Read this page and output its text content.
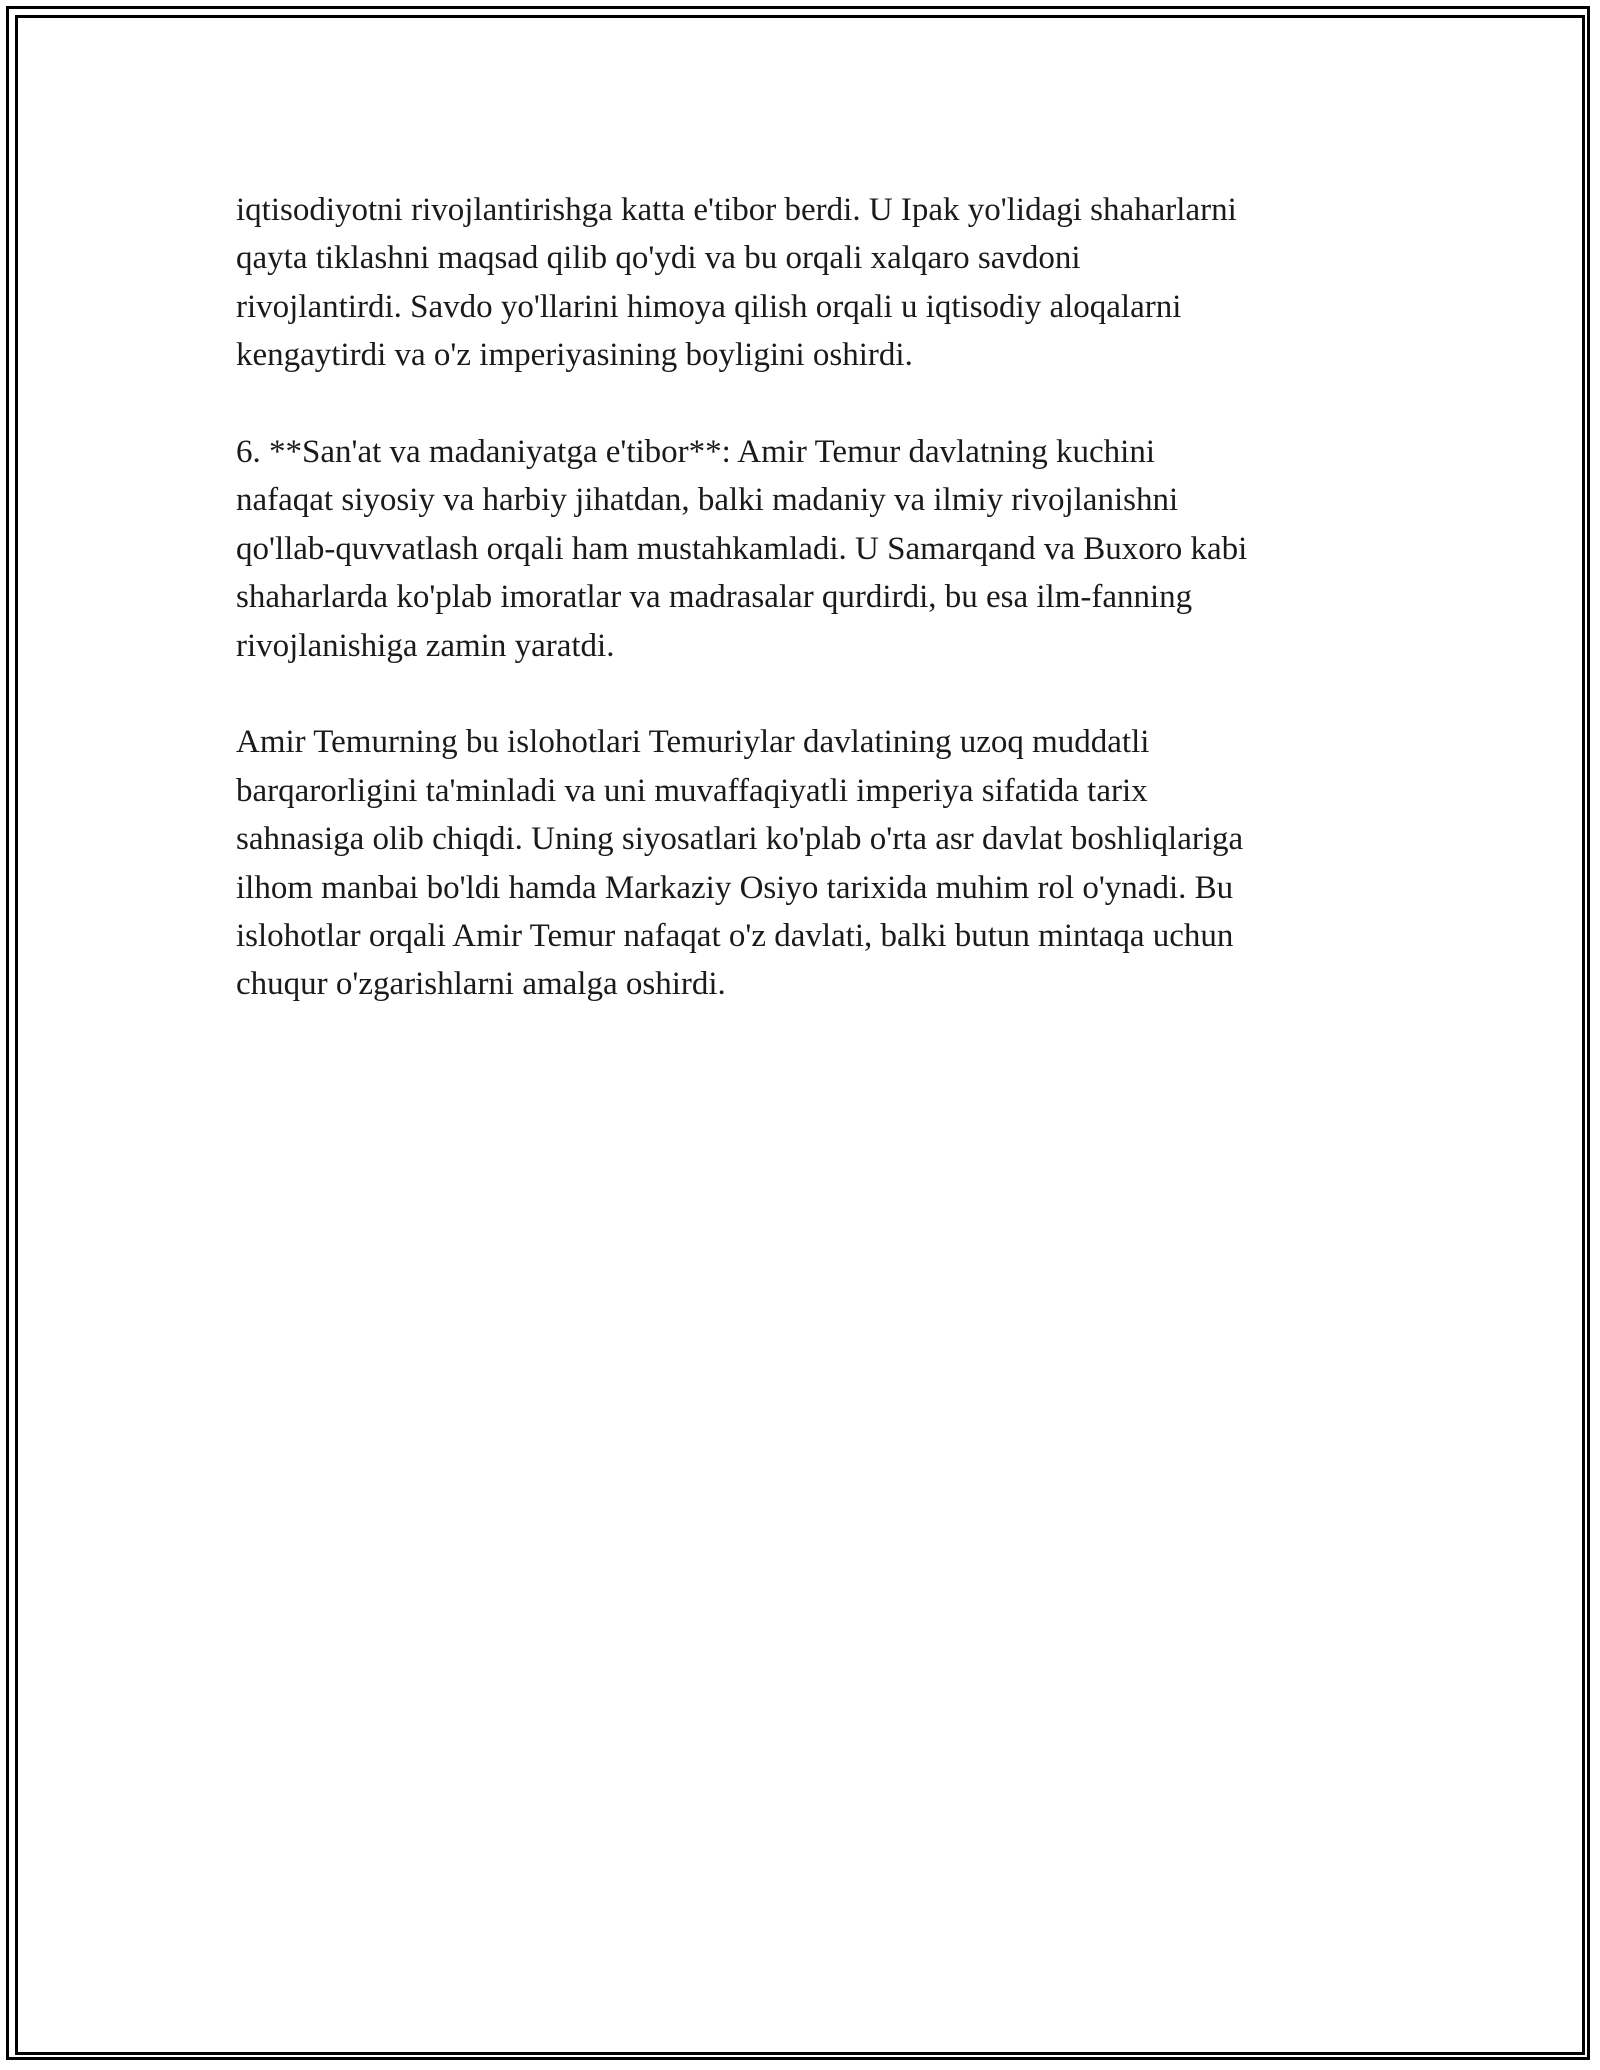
iqtisodiyotni rivojlantirishga katta e'tibor berdi. U Ipak yo'lidagi shaharlarni
qayta tiklashni maqsad qilib qo'ydi va bu orqali xalqaro savdoni
rivojlantirdi. Savdo yo'llarini himoya qilish orqali u iqtisodiy aloqalarni
kengaytirdi va o'z imperiyasining boyligini oshirdi.

6. **San'at va madaniyatga e'tibor**: Amir Temur davlatning kuchini
nafaqat siyosiy va harbiy jihatdan, balki madaniy va ilmiy rivojlanishni
qo'llab-quvvatlash orqali ham mustahkamladi. U Samarqand va Buxoro kabi
shaharlarda ko'plab imoratlar va madrasalar qurdirdi, bu esa ilm-fanning
rivojlanishiga zamin yaratdi.

Amir Temurning bu islohotlari Temuriylar davlatining uzoq muddatli
barqarorligini ta'minladi va uni muvaffaqiyatli imperiya sifatida tarix
sahnasiga olib chiqdi. Uning siyosatlari ko'plab o'rta asr davlat boshliqlariga
ilhom manbai bo'ldi hamda Markaziy Osiyo tarixida muhim rol o'ynadi. Bu
islohotlar orqali Amir Temur nafaqat o'z davlati, balki butun mintaqa uchun
chuqur o'zgarishlarni amalga oshirdi.
